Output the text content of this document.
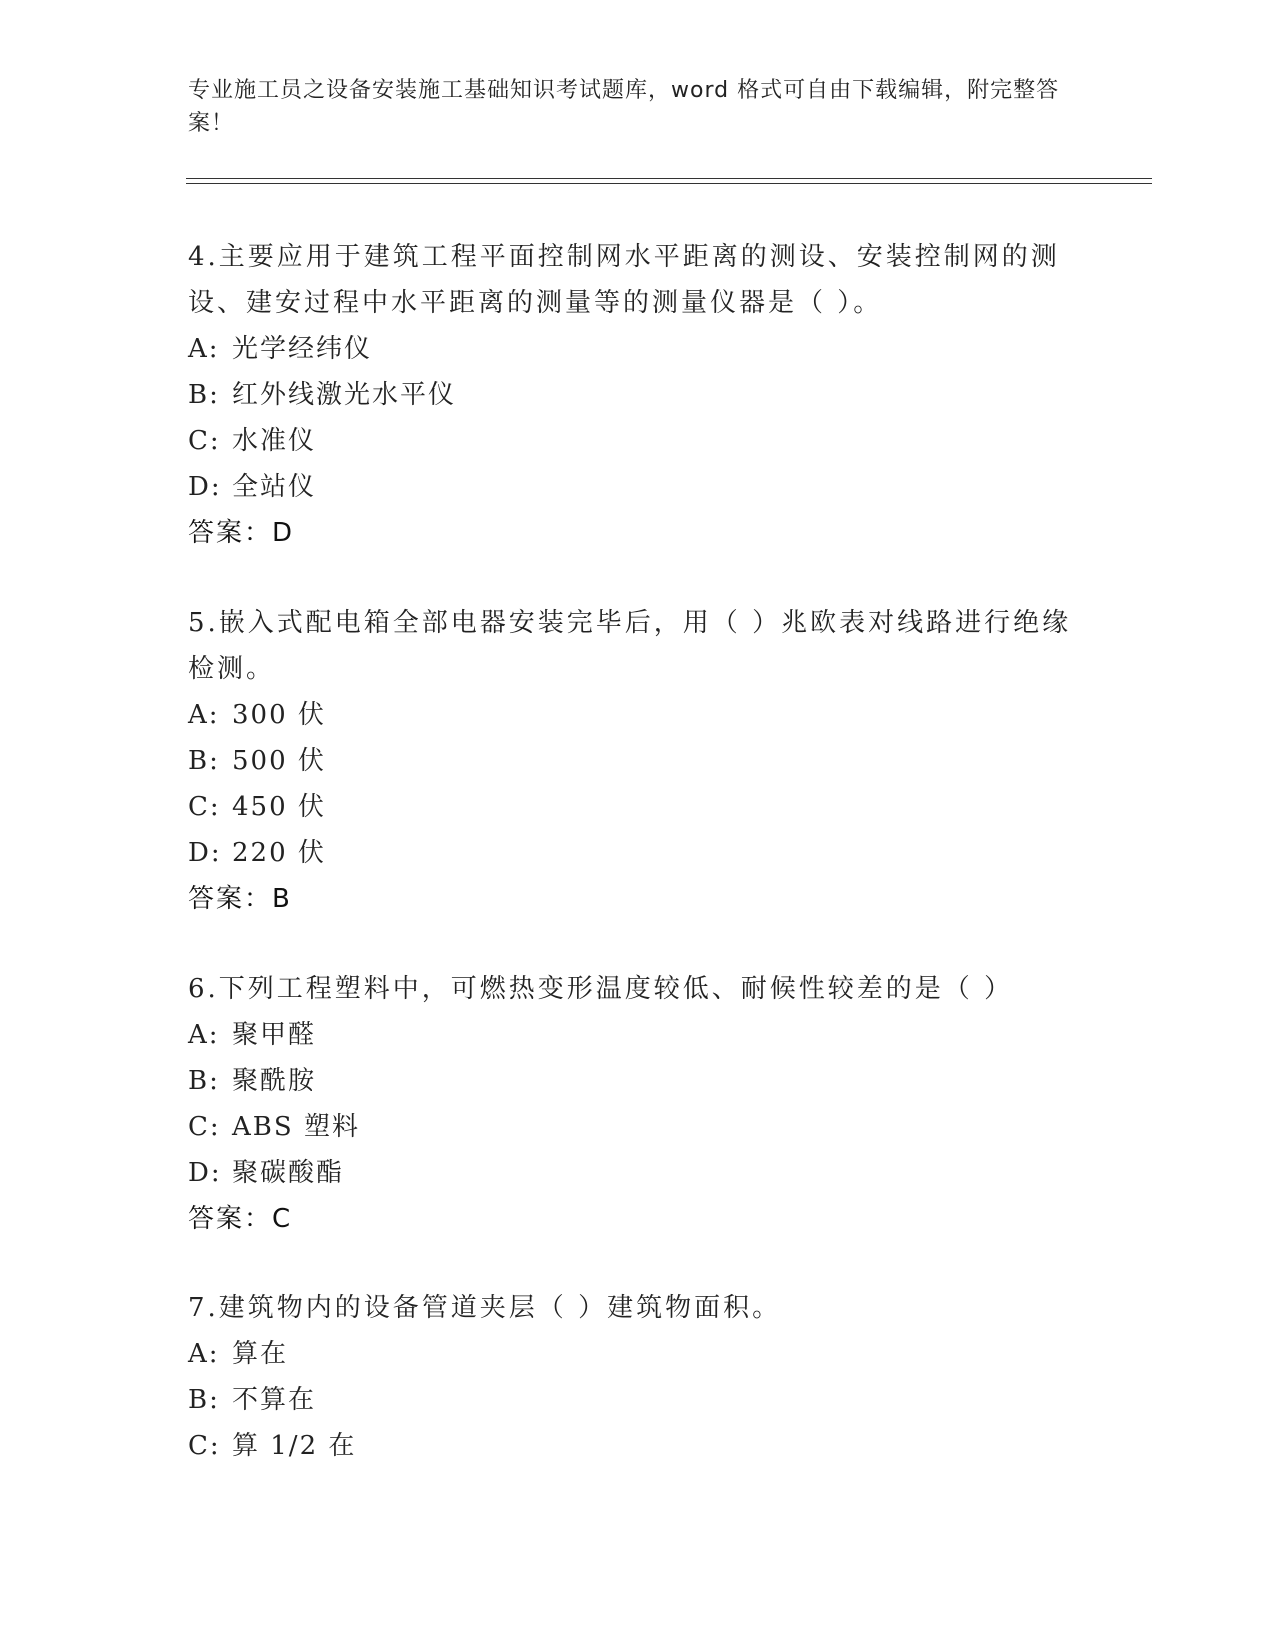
专业施工员之设备安装施工基础知识考试题库，word 格式可自由下载编辑，附完整答案！

4.主要应用于建筑工程平面控制网水平距离的测设、安装控制网的测设、建安过程中水平距离的测量等的测量仪器是（ ）。

A: 光学经纬仪

B: 红外线激光水平仪

C: 水准仪

D: 全站仪

答案：D

5.嵌入式配电箱全部电器安装完毕后，用（ ）兆欧表对线路进行绝缘检测。

A: 300 伏

B: 500 伏

C: 450 伏

D: 220 伏

答案：B

6.下列工程塑料中，可燃热变形温度较低、耐候性较差的是（ ）

A: 聚甲醛

B: 聚酰胺

C: ABS 塑料

D: 聚碳酸酯

答案：C

7.建筑物内的设备管道夹层（ ）建筑物面积。

A: 算在

B: 不算在

C: 算 1/2 在
